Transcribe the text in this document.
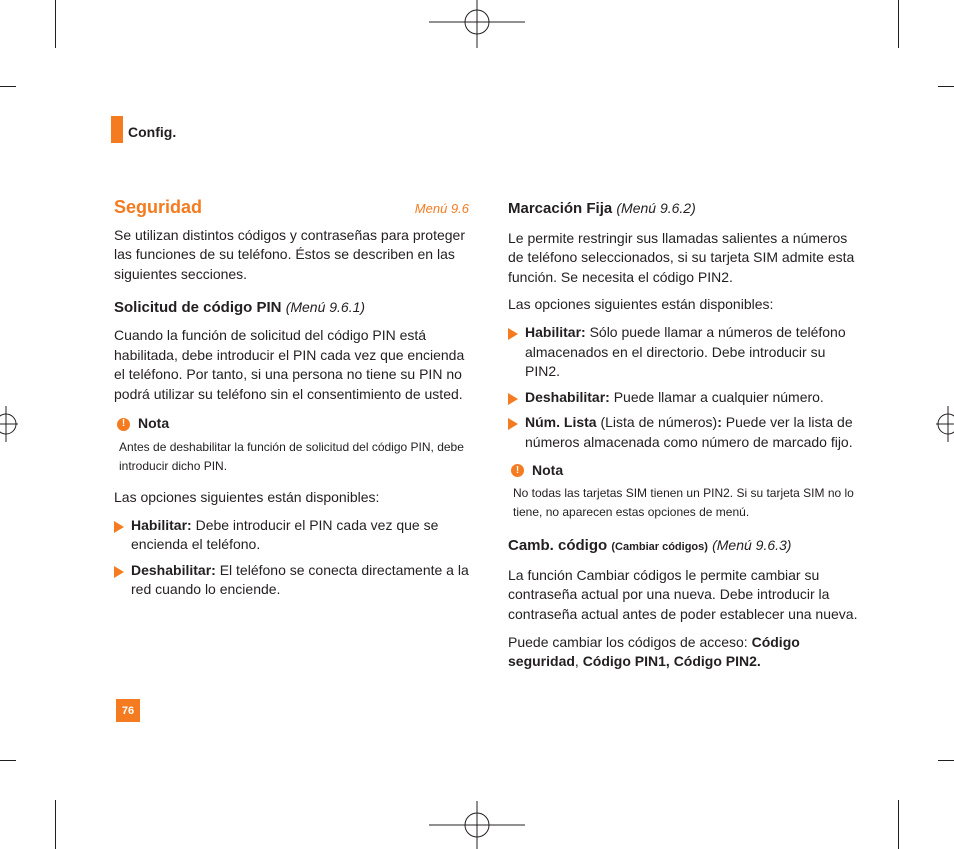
Config.
Seguridad	Menú 9.6

Se utilizan distintos códigos y contraseñas para proteger las funciones de su teléfono. Éstos se describen en las siguientes secciones.

Solicitud de código PIN (Menú 9.6.1)

Cuando la función de solicitud del código PIN está habilitada, debe introducir el PIN cada vez que encienda el teléfono. Por tanto, si una persona no tiene su PIN no podrá utilizar su teléfono sin el consentimiento de usted.

! Nota
Antes de deshabilitar la función de solicitud del código PIN, debe introducir dicho PIN.

Las opciones siguientes están disponibles:

Habilitar: Debe introducir el PIN cada vez que se encienda el teléfono.
Deshabilitar: El teléfono se conecta directamente a la red cuando lo enciende.
Marcación Fija (Menú 9.6.2)

Le permite restringir sus llamadas salientes a números de teléfono seleccionados, si su tarjeta SIM admite esta función. Se necesita el código PIN2.

Las opciones siguientes están disponibles:

Habilitar: Sólo puede llamar a números de teléfono almacenados en el directorio. Debe introducir su PIN2.
Deshabilitar: Puede llamar a cualquier número.
Núm. Lista (Lista de números): Puede ver la lista de números almacenada como número de marcado fijo.
! Nota
No todas las tarjetas SIM tienen un PIN2. Si su tarjeta SIM no lo tiene, no aparecen estas opciones de menú.
Camb. código (Cambiar códigos) (Menú 9.6.3)

La función Cambiar códigos le permite cambiar su contraseña actual por una nueva. Debe introducir la contraseña actual antes de poder establecer una nueva.

Puede cambiar los códigos de acceso: Código seguridad, Código PIN1, Código PIN2.

76
